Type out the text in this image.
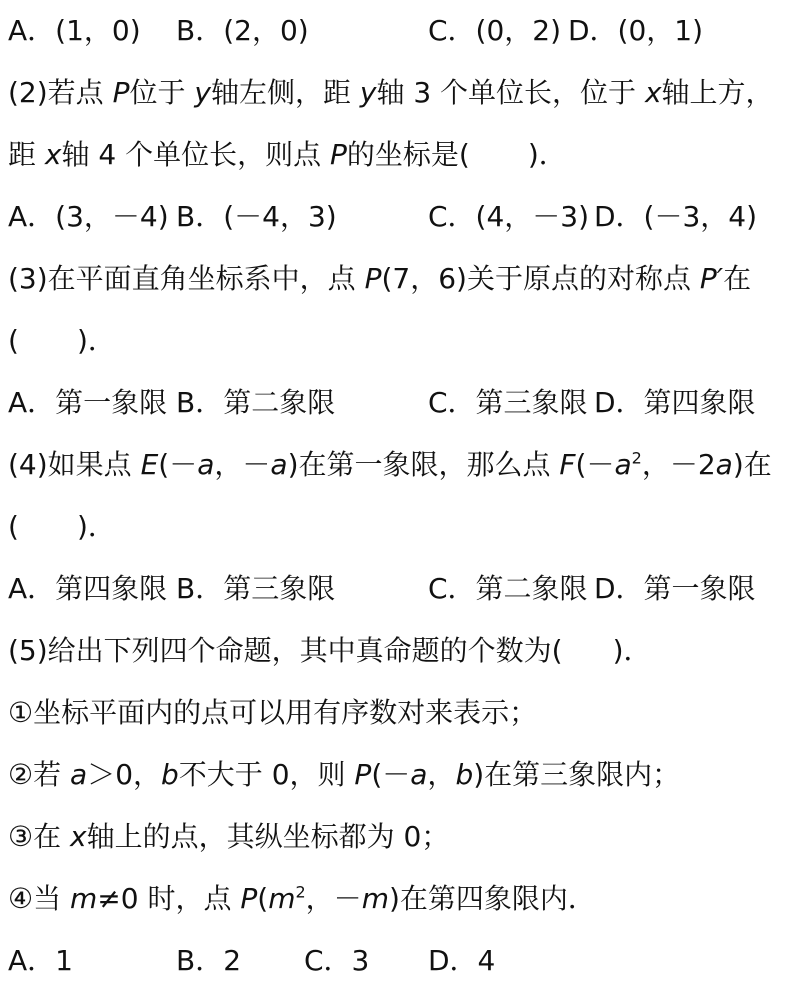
A．(1，0) B．(2，0)	C．(0，2) D．(0，1)
(2)若点 P位于 y轴左侧，距 y轴 3 个单位长，位于 x轴上方，
距 x轴 4 个单位长，则点 P的坐标是( )．
A．(3，－4) B．(－4，3)	C．(4，－3) D．(－3，4)
(3)在平面直角坐标系中，点 P(7，6)关于原点的对称点 P′在
( )．
A．第一象限 B．第二象限	C．第三象限 D．第四象限
(4)如果点 E(－a，－a)在第一象限，那么点 $F(-a^2$，－2a)在
( )．
A．第四象限 B．第三象限	C．第二象限 D．第一象限
(5)给出下列四个命题，其中真命题的个数为( )．
①坐标平面内的点可以用有序数对来表示；
②若 a＞0，b不大于 0，则 P(－a，b)在第三象限内；
③在 x轴上的点，其纵坐标都为 0；
④当 m≠0 时，点 $P(m^2$，－m)在第四象限内．
A．1	B．2 C．3 D．4
